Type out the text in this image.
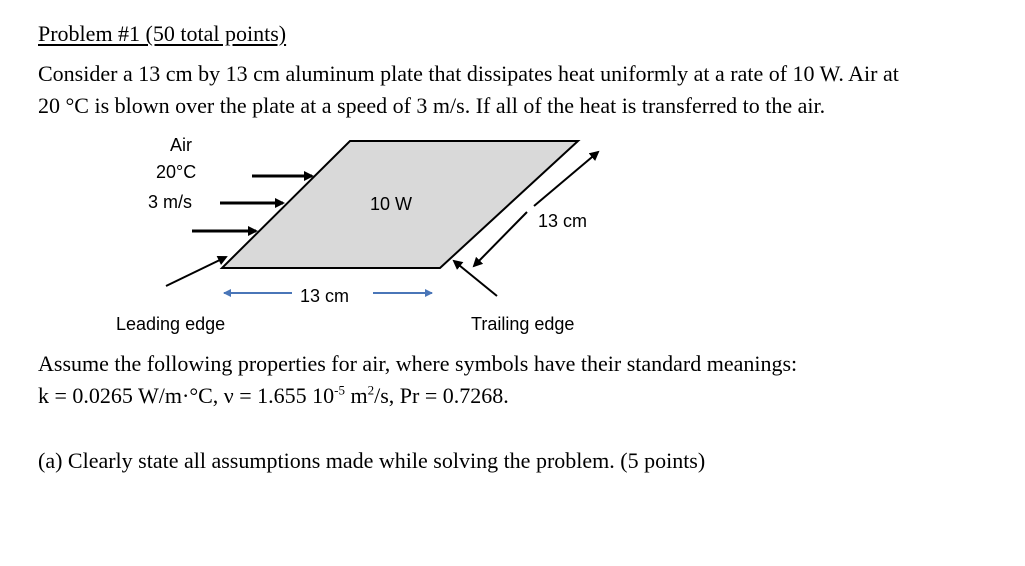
Problem #1 (50 total points)
Consider a 13 cm by 13 cm aluminum plate that dissipates heat uniformly at a rate of 10 W. Air at
20 °C is blown over the plate at a speed of 3 m/s. If all of the heat is transferred to the air.
Air
20°C
3 m/s	10 W
13 cm
13 cm
Leading edge	Trailing edge
Assume the following properties for air, where symbols have their standard meanings:
k = 0.0265 W/m·°C, ν = 1.655 $10^{-5}$ $m^2/s$, Pr = 0.7268.
(a) Clearly state all assumptions made while solving the problem. (5 points)
